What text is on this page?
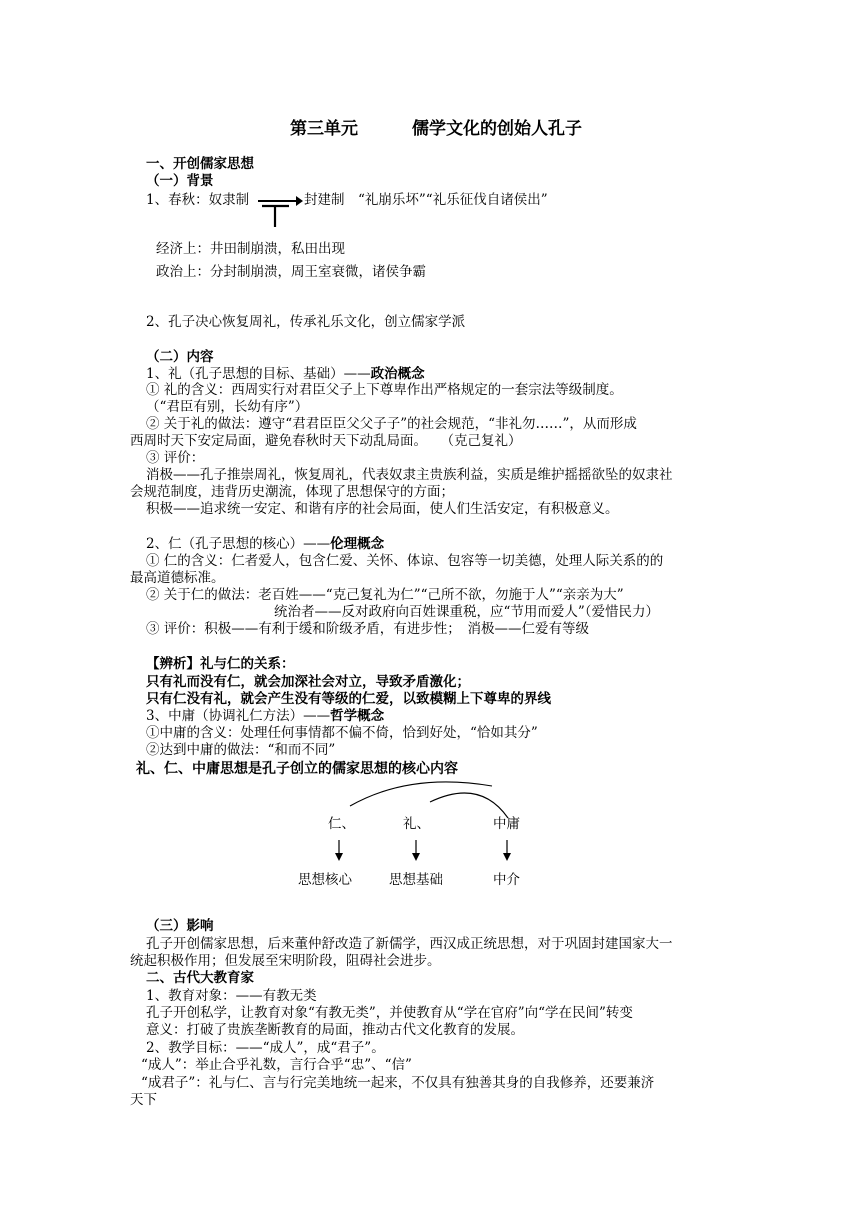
第三单元	儒学文化的创始人孔子
一、开创儒家思想
（一）背景
1、春秋：奴隶制	封建制　“礼崩乐坏”“礼乐征伐自诸侯出”
经济上：井田制崩溃，私田出现
政治上：分封制崩溃，周王室衰微，诸侯争霸
2、孔子决心恢复周礼，传承礼乐文化，创立儒家学派
（二）内容
1、礼（孔子思想的目标、基础）——政治概念
① 礼的含义：西周实行对君臣父子上下尊卑作出严格规定的一套宗法等级制度。
（“君臣有别，长幼有序”）
② 关于礼的做法：遵守“君君臣臣父父子子”的社会规范，“非礼勿……”，从而形成
西周时天下安定局面，避免春秋时天下动乱局面。　　（克己复礼）
③ 评价：
消极——孔子推崇周礼，恢复周礼，代表奴隶主贵族利益，实质是维护摇摇欲坠的奴隶社
会规范制度，违背历史潮流，体现了思想保守的方面；
积极——追求统一安定、和谐有序的社会局面，使人们生活安定，有积极意义。
2、仁（孔子思想的核心）——伦理概念
① 仁的含义：仁者爱人，包含仁爱、关怀、体谅、包容等一切美德，处理人际关系的的
最高道德标准。
② 关于仁的做法：老百姓——“克己复礼为仁”“己所不欲，勿施于人”“亲亲为大”
统治者——反对政府向百姓课重税，应“节用而爱人”（爱惜民力）
③ 评价：积极——有利于缓和阶级矛盾，有进步性；　消极——仁爱有等级
【辨析】礼与仁的关系：
只有礼而没有仁，就会加深社会对立，导致矛盾激化；
只有仁没有礼，就会产生没有等级的仁爱，以致模糊上下尊卑的界线
3、中庸（协调礼仁方法）——哲学概念
①中庸的含义：处理任何事情都不偏不倚，恰到好处，“恰如其分”
②达到中庸的做法：“和而不同”
礼、仁、中庸思想是孔子创立的儒家思想的核心内容
仁、	礼、	中庸
思想核心	思想基础	中介
（三）影响
孔子开创儒家思想，后来董仲舒改造了新儒学，西汉成正统思想，对于巩固封建国家大一
统起积极作用；但发展至宋明阶段，阻碍社会进步。
二、古代大教育家
1、教育对象：——有教无类
孔子开创私学，让教育对象“有教无类”，并使教育从“学在官府”向“学在民间”转变
意义：打破了贵族垄断教育的局面，推动古代文化教育的发展。
2、教学目标：——“成人”，成“君子”。
“成人”：举止合乎礼数，言行合乎“忠”、“信”
“成君子”：礼与仁、言与行完美地统一起来，不仅具有独善其身的自我修养，还要兼济
天下
